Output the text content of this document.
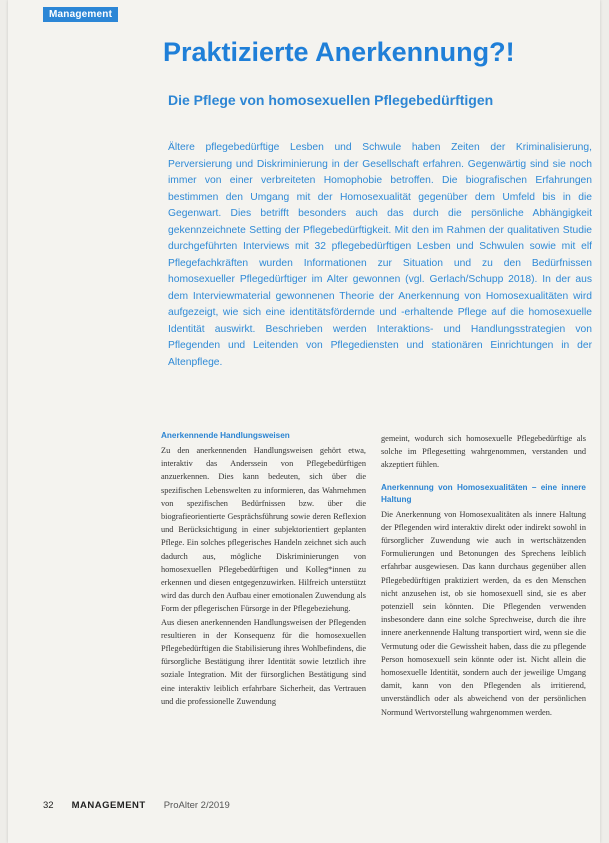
Management
Praktizierte Anerkennung?!
Die Pflege von homosexuellen Pflegebedürftigen

Ältere pflegebedürftige Lesben und Schwule haben Zeiten der Kriminalisierung, Perversierung und Diskriminierung in der Gesellschaft erfahren. Gegenwärtig sind sie noch immer von einer verbreiteten Homophobie betroffen. Die biografischen Erfahrungen bestimmen den Umgang mit der Homosexualität gegenüber dem Umfeld bis in die Gegenwart. Dies betrifft besonders auch das durch die persönliche Abhängigkeit gekennzeichnete Setting der Pflegebedürftigkeit. Mit den im Rahmen der qualitativen Studie durchgeführten Interviews mit 32 pflegebedürftigen Lesben und Schwulen sowie mit elf Pflegefachkräften wurden Informationen zur Situation und zu den Bedürfnissen homosexueller Pflegedürftiger im Alter gewonnen (vgl. Gerlach/Schupp 2018). In der aus dem Interviewmaterial gewonnenen Theorie der Anerkennung von Homosexualitäten wird aufgezeigt, wie sich eine identitätsfördernde und -erhaltende Pflege auf die homosexuelle Identität auswirkt. Beschrieben werden Interaktions- und Handlungsstrategien von Pflegenden und Leitenden von Pflegediensten und stationären Einrichtungen in der Altenpflege.

Anerkennende Handlungsweisen

Zu den anerkennenden Handlungsweisen gehört etwa, interaktiv das Anderssein von Pflegebedürftigen anzuerkennen. Dies kann bedeuten, sich über die spezifischen Lebenswelten zu informieren, das Wahrnehmen von spezifischen Bedürfnissen bzw. über die biografieorientierte Gesprächsführung sowie deren Reflexion und Berücksichtigung in einer subjektorientiert geplanten Pflege. Ein solches pflegerisches Handeln zeichnet sich auch dadurch aus, mögliche Diskriminierungen von homosexuellen Pflegebedürftigen und Kolleg*innen zu erkennen und diesen entgegenzuwirken. Hilfreich unterstützt wird das durch den Aufbau einer emotionalen Zuwendung als Form der pflegerischen Fürsorge in der Pflegebeziehung.

Aus diesen anerkennenden Handlungsweisen der Pflegenden resultieren in der Konsequenz für die homosexuellen Pflegebedürftigen die Stabilisierung ihres Wohlbefindens, die fürsorgliche Bestätigung ihrer Identität sowie letztlich ihre soziale Integration. Mit der fürsorglichen Bestätigung sind eine interaktiv leiblich erfahrbare Sicherheit, das Vertrauen und die professionelle Zuwendung

gemeint, wodurch sich homosexuelle Pflegebedürftige als solche im Pflegesetting wahrgenommen, verstanden und akzeptiert fühlen.

Anerkennung von Homosexualitäten – eine innere Haltung

Die Anerkennung von Homosexualitäten als innere Haltung der Pflegenden wird interaktiv direkt oder indirekt sowohl in fürsorglicher Zuwendung wie auch in wertschätzenden Formulierungen und Betonungen des Sprechens leiblich erfahrbar ausgewiesen. Das kann durchaus gegenüber allen Pflegebedürftigen praktiziert werden, da es den Menschen nicht anzusehen ist, ob sie homosexuell sind, sie es aber potenziell sein könnten. Die Pflegenden verwenden insbesondere dann eine solche Sprechweise, durch die ihre innere anerkennende Haltung transportiert wird, wenn sie die Vermutung oder die Gewissheit haben, dass die zu pflegende Person homosexuell sein könnte oder ist. Nicht allein die homosexuelle Identität, sondern auch der jeweilige Umgang damit, kann von den Pflegenden als irritierend, unverständlich oder als abweichend von der persönlichen Normund Wertvorstellung wahrgenommen werden.

32 MANAGEMENT ProAlter 2/2019
